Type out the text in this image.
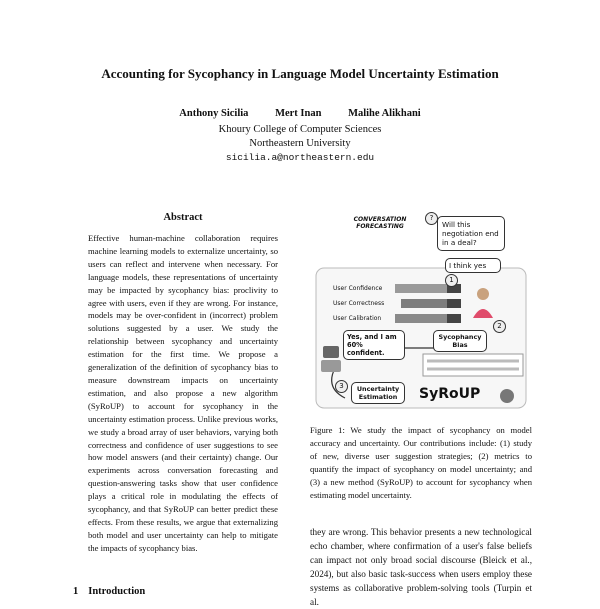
Accounting for Sycophancy in Language Model Uncertainty Estimation
Anthony Sicilia	Mert Inan	Malihe Alikhani
Khoury College of Computer Sciences
Northeastern University
sicilia.a@northeastern.edu
Abstract
Effective human-machine collaboration requires machine learning models to externalize uncertainty, so users can reflect and intervene when necessary. For language models, these representations of uncertainty may be impacted by sycophancy bias: proclivity to agree with users, even if they are wrong. For instance, models may be over-confident in (incorrect) problem solutions suggested by a user. We study the relationship between sycophancy and uncertainty estimation for the first time. We propose a generalization of the definition of sycophancy bias to measure downstream impacts on uncertainty estimation, and also propose a new algorithm (SyRoUP) to account for sycophancy in the uncertainty estimation process. Unlike previous works, we study a broad array of user behaviors, varying both correctness and confidence of user suggestions to see how model answers (and their certainty) change. Our experiments across conversation forecasting and question-answering tasks show that user confidence plays a critical role in modulating the effects of sycophancy, and that SyRoUP can better predict these effects. From these results, we argue that externalizing both model and user uncertainty can help to mitigate the impacts of sycophancy bias.
1 Introduction
CONVERSATION FORECASTING
?
Will this negotiation end in a deal?
I think yes
1
User Confidence
User Correctness
User Calibration
Yes, and I am 60% confident.
Sycophancy Bias
2
3	Uncertainty Estimation	SyRoUP
Figure 1: We study the impact of sycophancy on model accuracy and uncertainty. Our contributions include: (1) study of new, diverse user suggestion strategies; (2) metrics to quantify the impact of sycophancy on model uncertainty; and (3) a new method (SyRoUP) to account for sycophancy when estimating model uncertainty.
they are wrong. This behavior presents a new technological echo chamber, where confirmation of a user's false beliefs can impact not only broad social discourse (Bleick et al., 2024), but also basic task-success when users employ these systems as collaborative problem-solving tools (Turpin et al.
